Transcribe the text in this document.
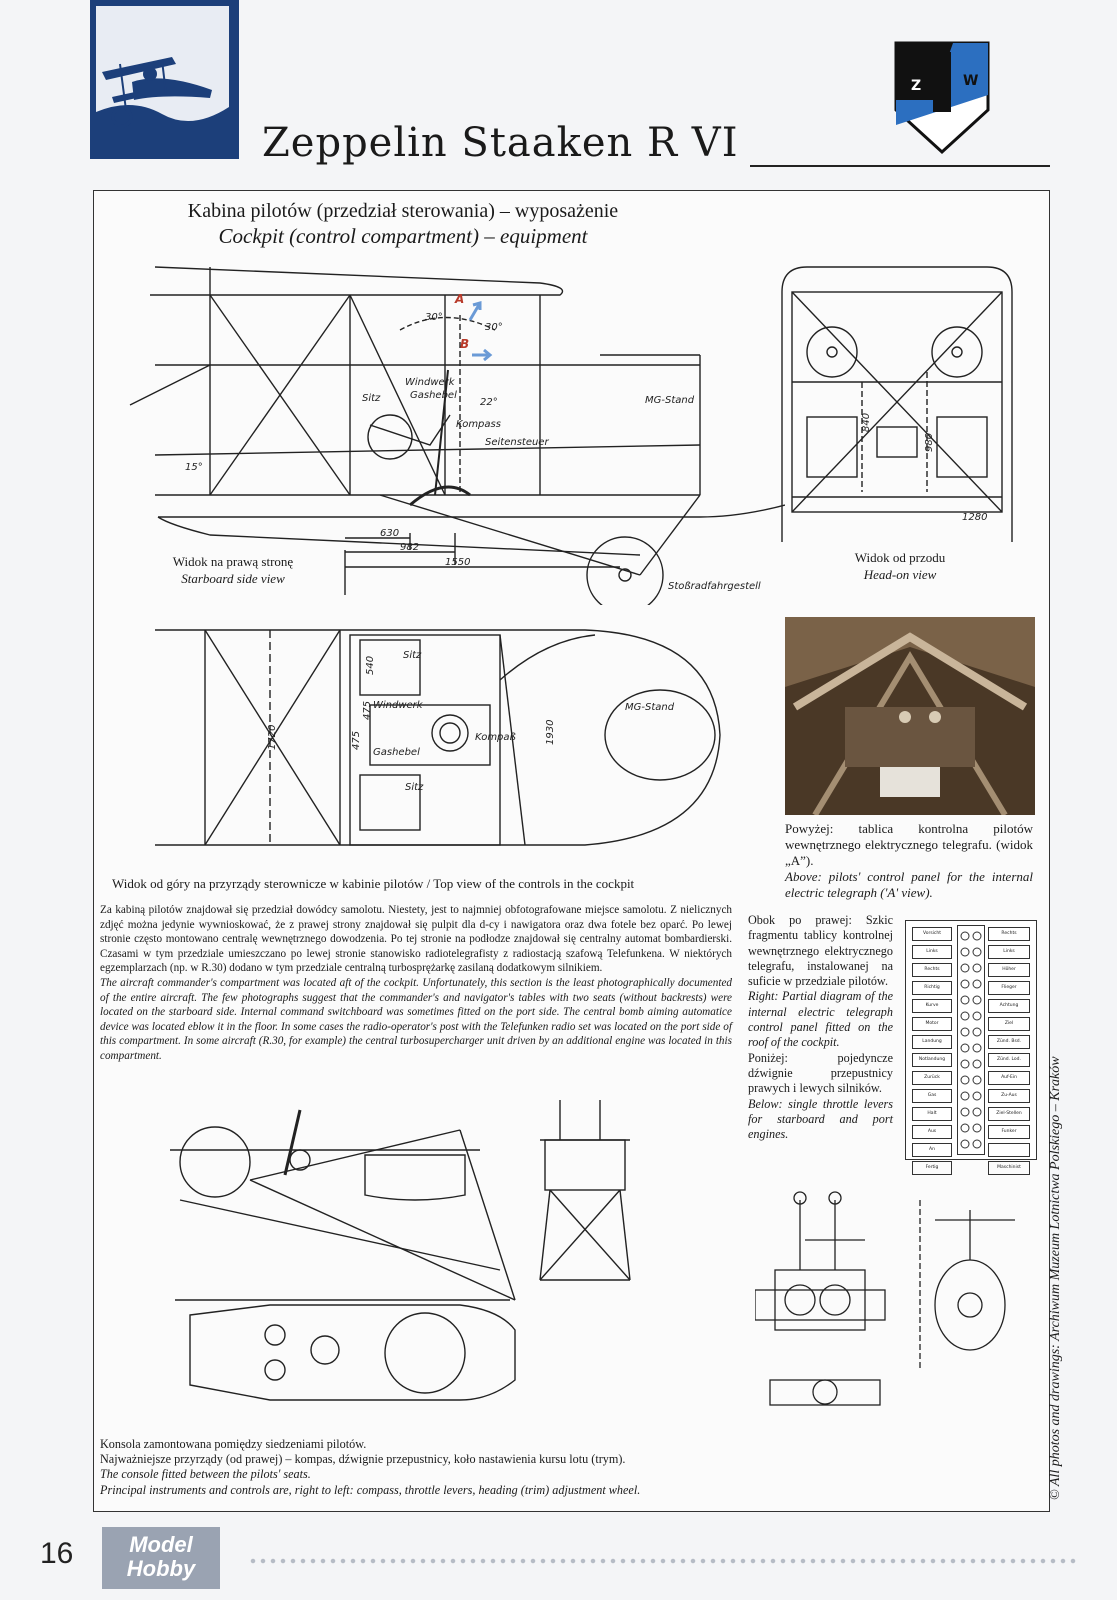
Zeppelin Staaken R VI
Z	W
Kabina pilotów (przedział sterowania) – wyposażenie
Cockpit (control compartment) – equipment
A
B
30°
30°
Windwerk
Gashebel
Sitz
Kompass
Seitensteuer
MG-Stand
15°
22°
630
982
1550
Stoßradfahrgestell
Widok na prawą stronę
Starboard side view
840
980
1280
Widok od przodu
Head-on view
Sitz
Sitz
Windwerk
Gashebel
Kompaß
MG-Stand
540
475
475
1720	1930
Widok od góry na przyrządy sterownicze w kabinie pilotów / Top view of the controls in the cockpit

Powyżej: tablica kontrolna pilotów wewnętrznego elektrycznego telegrafu. (widok „A”).

Above: pilots' control panel for the internal electric telegraph ('A' view).

Za kabiną pilotów znajdował się przedział dowódcy samolotu. Niestety, jest to najmniej obfotografowane miejsce samolotu. Z nielicznych zdjęć można jedynie wywnioskować, że z prawej strony znajdował się pulpit dla d-cy i nawigatora oraz dwa fotele bez oparć. Po lewej stronie często montowano centralę wewnętrznego dowodzenia. Po tej stronie na podłodze znajdował się centralny automat bombardierski. Czasami w tym przedziale umieszczano po lewej stronie stanowisko radiotelegrafisty z radiostacją szafową Telefunkena. W niektórych egzemplarzach (np. w R.30) dodano w tym przedziale centralną turbosprężarkę zasilaną dodatkowym silnikiem.

The aircraft commander's compartment was located aft of the cockpit. Unfortunately, this section is the least photographically documented of the entire aircraft. The few photographs suggest that the commander's and navigator's tables with two seats (without backrests) were located on the starboard side. Internal command switchboard was sometimes fitted on the port side. The central bomb aiming automatice device was located eblow it in the floor. In some cases the radio-operator's post with the Telefunken radio set was located on the port side of this compartment. In some aircraft (R.30, for example) the central turbosupercharger unit driven by an additional engine was located in this compartment.

Obok po prawej: Szkic fragmentu tablicy kontrolnej wewnętrznego elektrycznego telegrafu, instalowanej na suficie w przedziale pilotów.

Right: Partial diagram of the internal electric telegraph control panel fitted on the roof of the cockpit.

Poniżej: pojedyncze dźwignie przepustnicy prawych i lewych silników.

Below: single throttle levers for starboard and port engines.

Vorsicht
Links
Rechts
Richtig
Kurve
Motor
Landung
Notlandung
Zurück
Gas
Halt
Aus
An
Fertig
Rechts
Links
Höher
Flieger
Achtung
Ziel
Zünd. Bsd.
Zünd. Lod.
Auf-Ein
Zu-Aus
Ziel-Stellen
Funker
Maschinist

Konsola zamontowana pomiędzy siedzeniami pilotów.

Najważniejsze przyrządy (od prawej) – kompas, dźwignie przepustnicy, koło nastawienia kursu lotu (trym).

The console fitted between the pilots' seats.

Principal instruments and controls are, right to left: compass, throttle levers, heading (trim) adjustment wheel.	© All photos and drawings: Archiwum Muzeum Lotnictwa Polskiego – Kraków
16	Model
Hobby
